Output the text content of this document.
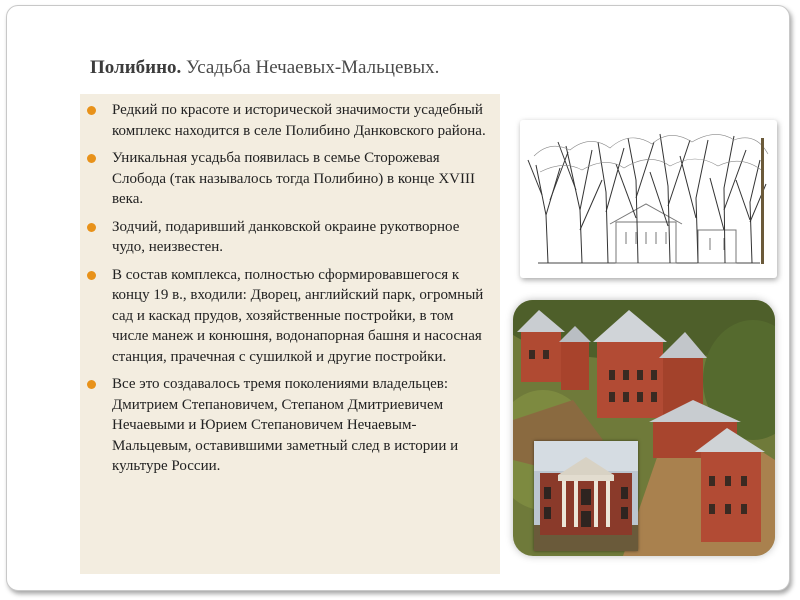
Полибино. Усадьба Нечаевых-Мальцевых.
Редкий по красоте и исторической значимости усадебный комплекс находится в селе Полибино Данковского района.
Уникальная усадьба появилась в семье Сторожевая Слобода (так называлось тогда Полибино) в конце XVIII века.
Зодчий, подаривший данковской окраине рукотворное чудо, неизвестен.
В состав комплекса, полностью сформировавшегося к концу 19 в., входили: Дворец, английский парк, огромный сад и каскад прудов, хозяйственные постройки, в том числе манеж и конюшня, водонапорная башня и насосная станция, прачечная с сушилкой и другие постройки.
Все это создавалось тремя поколениями владельцев: Дмитрием Степановичем, Степаном Дмитриевичем Нечаевыми и Юрием Степановичем Нечаевым-Мальцевым, оставившими заметный след в истории и культуре России.
